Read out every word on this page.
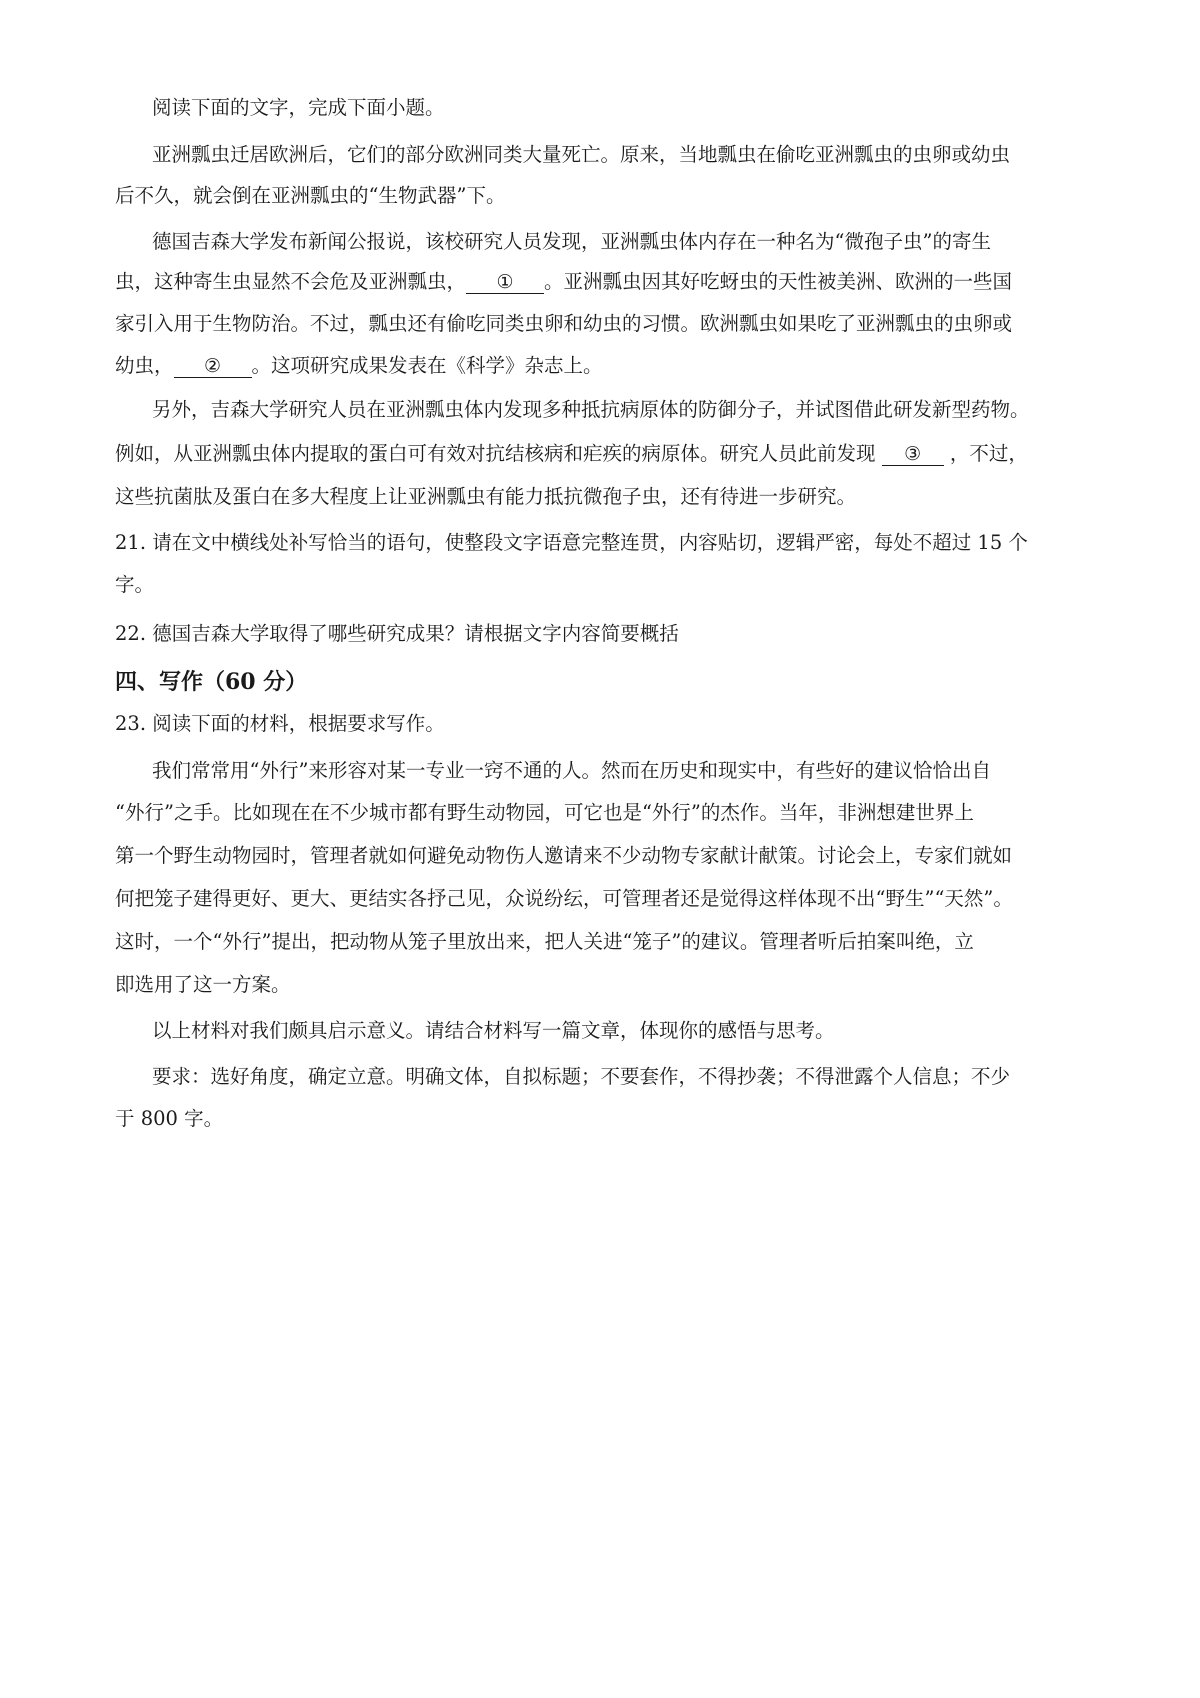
阅读下面的文字，完成下面小题。
亚洲瓢虫迁居欧洲后，它们的部分欧洲同类大量死亡。原来，当地瓢虫在偷吃亚洲瓢虫的虫卵或幼虫
后不久，就会倒在亚洲瓢虫的“生物武器”下。
德国吉森大学发布新闻公报说，该校研究人员发现，亚洲瓢虫体内存在一种名为“微孢子虫”的寄生
虫，这种寄生虫显然不会危及亚洲瓢虫， ① 。亚洲瓢虫因其好吃蚜虫的天性被美洲、欧洲的一些国
家引入用于生物防治。不过，瓢虫还有偷吃同类虫卵和幼虫的习惯。欧洲瓢虫如果吃了亚洲瓢虫的虫卵或
幼虫， ② 。这项研究成果发表在《科学》杂志上。
另外，吉森大学研究人员在亚洲瓢虫体内发现多种抵抗病原体的防御分子，并试图借此研发新型药物。
例如，从亚洲瓢虫体内提取的蛋白可有效对抗结核病和疟疾的病原体。研究人员此前发现 ③ ，不过，
这些抗菌肽及蛋白在多大程度上让亚洲瓢虫有能力抵抗微孢子虫，还有待进一步研究。
21. 请在文中横线处补写恰当的语句，使整段文字语意完整连贯，内容贴切，逻辑严密，每处不超过 15 个
字。
22. 德国吉森大学取得了哪些研究成果？请根据文字内容简要概括
四、写作（60 分）
23. 阅读下面的材料，根据要求写作。
我们常常用“外行”来形容对某一专业一窍不通的人。然而在历史和现实中，有些好的建议恰恰出自
“外行”之手。比如现在在不少城市都有野生动物园，可它也是“外行”的杰作。当年，非洲想建世界上
第一个野生动物园时，管理者就如何避免动物伤人邀请来不少动物专家献计献策。讨论会上，专家们就如
何把笼子建得更好、更大、更结实各抒己见，众说纷纭，可管理者还是觉得这样体现不出“野生”“天然”。
这时，一个“外行”提出，把动物从笼子里放出来，把人关进“笼子”的建议。管理者听后拍案叫绝，立
即选用了这一方案。
以上材料对我们颇具启示意义。请结合材料写一篇文章，体现你的感悟与思考。
要求：选好角度，确定立意。明确文体，自拟标题；不要套作，不得抄袭；不得泄露个人信息；不少
于 800 字。
